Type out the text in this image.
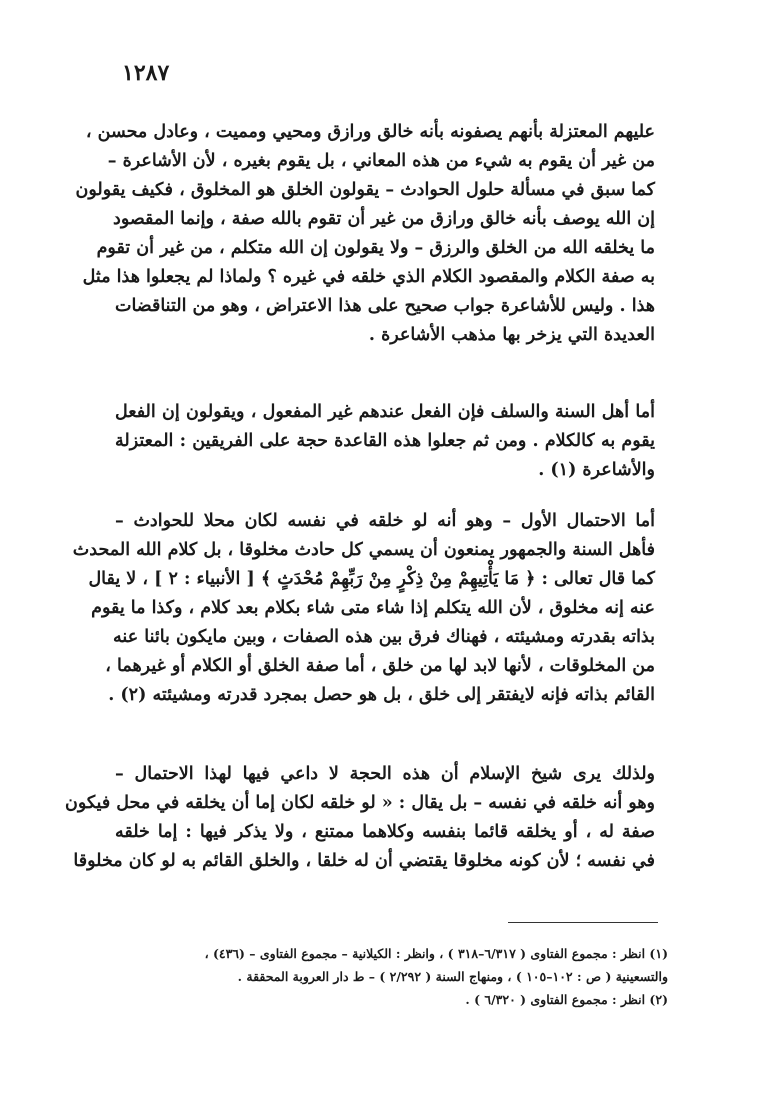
١٢٨٧
عليهم المعتزلة بأنهم يصفونه بأنه خالق ورازق ومحيي ومميت ، وعادل محسن ،
من غير أن يقوم به شيء من هذه المعاني ، بل يقوم بغيره ، لأن الأشاعرة –
كما سبق في مسألة حلول الحوادث – يقولون الخلق هو المخلوق ، فكيف يقولون
إن الله يوصف بأنه خالق ورازق من غير أن تقوم بالله صفة ، وإنما المقصود
ما يخلقه الله من الخلق والرزق – ولا يقولون إن الله متكلم ، من غير أن تقوم
به صفة الكلام والمقصود الكلام الذي خلقه في غيره ؟ ولماذا لم يجعلوا هذا مثل
هذا . وليس للأشاعرة جواب صحيح على هذا الاعتراض ، وهو من التناقضات
العديدة التي يزخر بها مذهب الأشاعرة .
أما أهل السنة والسلف فإن الفعل عندهم غير المفعول ، ويقولون إن الفعل
يقوم به كالكلام . ومن ثم جعلوا هذه القاعدة حجة على الفريقين : المعتزلة
والأشاعرة (١) .
أما الاحتمال الأول – وهو أنه لو خلقه في نفسه لكان محلا للحوادث –
فأهل السنة والجمهور يمنعون أن يسمي كل حادث مخلوقا ، بل كلام الله المحدث
كما قال تعالى : ﴿ مَا يَأْتِيهِمْ مِنْ ذِكْرٍ مِنْ رَبِّهِمْ مُحْدَثٍ ﴾ [ الأنبياء : ٢ ] ، لا يقال
عنه إنه مخلوق ، لأن الله يتكلم إذا شاء متى شاء بكلام بعد كلام ، وكذا ما يقوم
بذاته بقدرته ومشيئته ، فهناك فرق بين هذه الصفات ، وبين مايكون بائنا عنه
من المخلوقات ، لأنها لابد لها من خلق ، أما صفة الخلق أو الكلام أو غيرهما ،
القائم بذاته فإنه لايفتقر إلى خلق ، بل هو حصل بمجرد قدرته ومشيئته (٢) .
ولذلك يرى شيخ الإسلام أن هذه الحجة لا داعي فيها لهذا الاحتمال –
وهو أنه خلقه في نفسه – بل يقال : « لو خلقه لكان إما أن يخلقه في محل فيكون
صفة له ، أو يخلقه قائما بنفسه وكلاهما ممتنع ، ولا يذكر فيها : إما خلقه
في نفسه ؛ لأن كونه مخلوقا يقتضي أن له خلقا ، والخلق القائم به لو كان مخلوقا
(١) انظر : مجموع الفتاوى ( ٦/٣١٧–٣١٨ ) ، وانظر : الكيلانية – مجموع الفتاوى – (٤٣٦) ،
والتسعينية ( ص : ١٠٢–١٠٥ ) ، ومنهاج السنة ( ٢/٢٩٢ ) – ط دار العروبة المحققة .
(٢) انظر : مجموع الفتاوى ( ٦/٣٢٠ ) .
